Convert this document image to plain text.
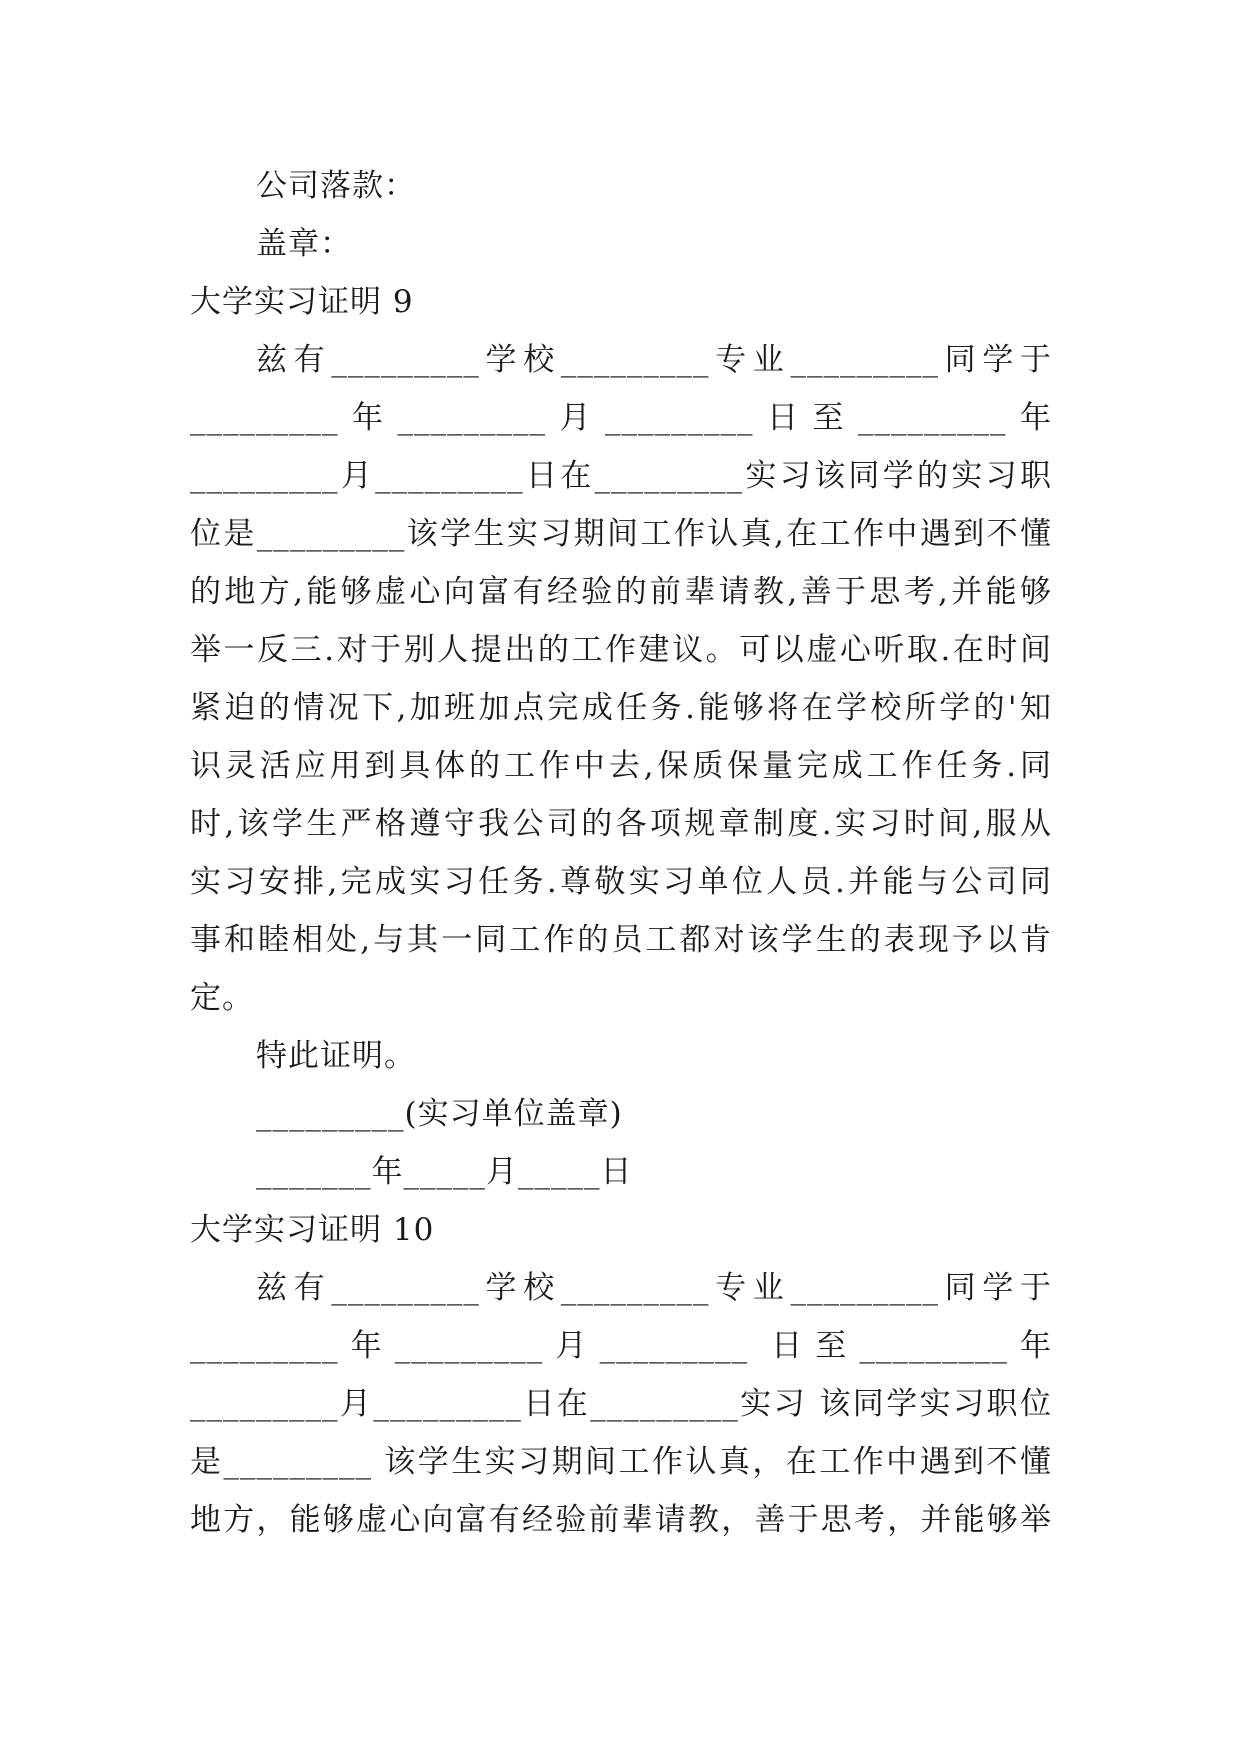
公司落款：
盖章：
大学实习证明 9
兹有_________学校_________专业_________同学于
_________年_________月_________日至_________年
_________月_________日在_________实习该同学的实习职
位是_________该学生实习期间工作认真,在工作中遇到不懂
的地方,能够虚心向富有经验的前辈请教,善于思考,并能够
举一反三.对于别人提出的工作建议。可以虚心听取.在时间
紧迫的情况下,加班加点完成任务.能够将在学校所学的'知
识灵活应用到具体的工作中去,保质保量完成工作任务.同
时,该学生严格遵守我公司的各项规章制度.实习时间,服从
实习安排,完成实习任务.尊敬实习单位人员.并能与公司同
事和睦相处,与其一同工作的员工都对该学生的表现予以肯
定。
特此证明。
_________(实习单位盖章)
_______年_____月_____日
大学实习证明 10
兹有_________学校_________专业_________同学于
_________年_________月_________ 日至_________年
_________月_________日在_________实习 该同学实习职位
是_________ 该学生实习期间工作认真，在工作中遇到不懂
地方，能够虚心向富有经验前辈请教，善于思考，并能够举
